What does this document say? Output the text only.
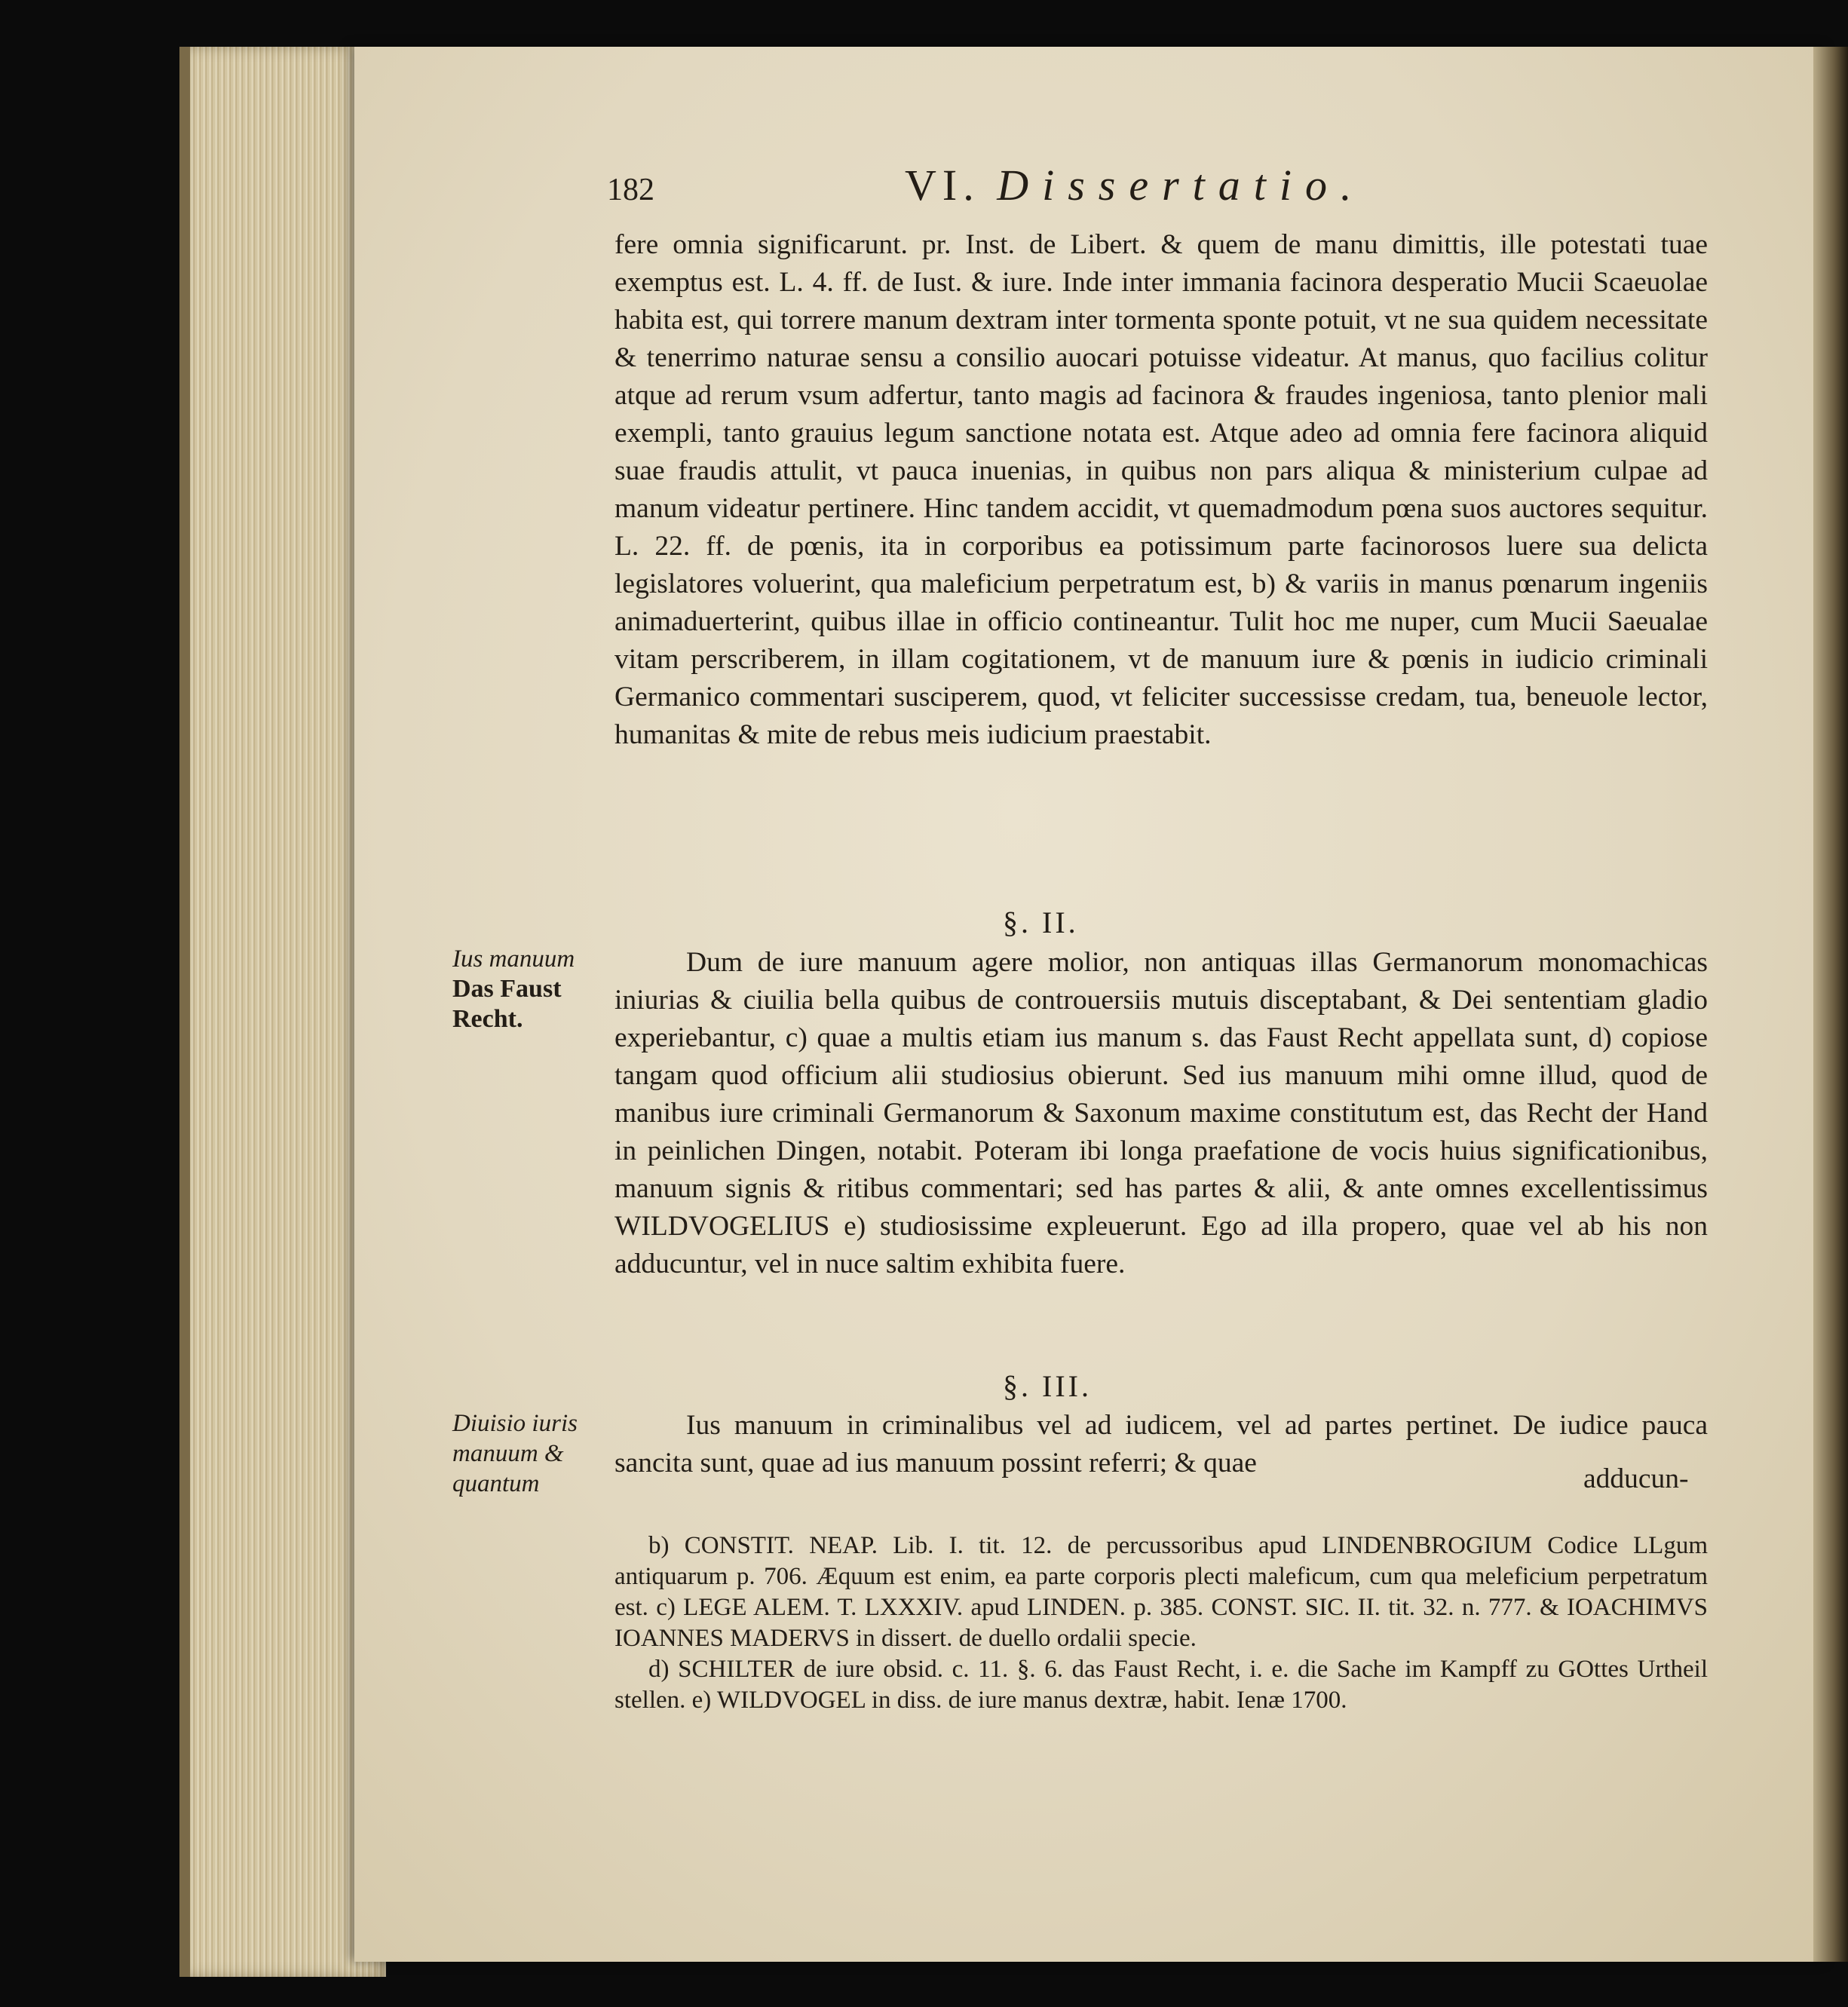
182	VI. Dissertatio.

fere omnia significarunt. pr. Inst. de Libert. & quem de manu dimittis, ille potestati tuae exemptus est. L. 4. ff. de Iust. & iure. Inde inter immania facinora desperatio Mucii Scaeuolae habita est, qui torrere manum dextram inter tormenta sponte potuit, vt ne sua quidem necessitate & tenerrimo naturae sensu a consilio auocari potuisse videatur. At manus, quo facilius colitur atque ad rerum vsum adfertur, tanto magis ad facinora & fraudes ingeniosa, tanto plenior mali exempli, tanto grauius legum sanctione notata est. Atque adeo ad omnia fere facinora aliquid suae fraudis attulit, vt pauca inuenias, in quibus non pars aliqua & ministerium culpae ad manum videatur pertinere. Hinc tandem accidit, vt quemadmodum pœna suos auctores sequitur. L. 22. ff. de pœnis, ita in corporibus ea potissimum parte facinorosos luere sua delicta legislatores voluerint, qua maleficium perpetratum est, b) & variis in manus pœnarum ingeniis animaduerterint, quibus illae in officio contineantur. Tulit hoc me nuper, cum Mucii Saeualae vitam perscriberem, in illam cogitationem, vt de manuum iure & pœnis in iudicio criminali Germanico commentari susciperem, quod, vt feliciter successisse credam, tua, beneuole lector, humanitas & mite de rebus meis iudicium praestabit.

§. II.
Ius manuum
Das Faust Recht.

Dum de iure manuum agere molior, non antiquas illas Germanorum monomachicas iniurias & ciuilia bella quibus de controuersiis mutuis disceptabant, & Dei sententiam gladio experiebantur, c) quae a multis etiam ius manum s. das Faust Recht appellata sunt, d) copiose tangam quod officium alii studiosius obierunt. Sed ius manuum mihi omne illud, quod de manibus iure criminali Germanorum & Saxonum maxime constitutum est, das Recht der Hand in peinlichen Dingen, notabit. Poteram ibi longa praefatione de vocis huius significationibus, manuum signis & ritibus commentari; sed has partes & alii, & ante omnes excellentissimus WILDVOGELIUS e) studiosissime expleuerunt. Ego ad illa propero, quae vel ab his non adducuntur, vel in nuce saltim exhibita fuere.

§. III.
Diuisio iuris manuum & quantum

Ius manuum in criminalibus vel ad iudicem, vel ad partes pertinet. De iudice pauca sancita sunt, quae ad ius manuum possint referri; & quae

adducun-

b) CONSTIT. NEAP. Lib. I. tit. 12. de percussoribus apud LINDENBROGIUM Codice LLgum antiquarum p. 706. Æquum est enim, ea parte corporis plecti maleficum, cum qua meleficium perpetratum est. c) LEGE ALEM. T. LXXXIV. apud LINDEN. p. 385. CONST. SIC. II. tit. 32. n. 777. & IOACHIMVS IOANNES MADERVS in dissert. de duello ordalii specie.

d) SCHILTER de iure obsid. c. 11. §. 6. das Faust Recht, i. e. die Sache im Kampff zu GOttes Urtheil stellen. e) WILDVOGEL in diss. de iure manus dextræ, habit. Ienæ 1700.
